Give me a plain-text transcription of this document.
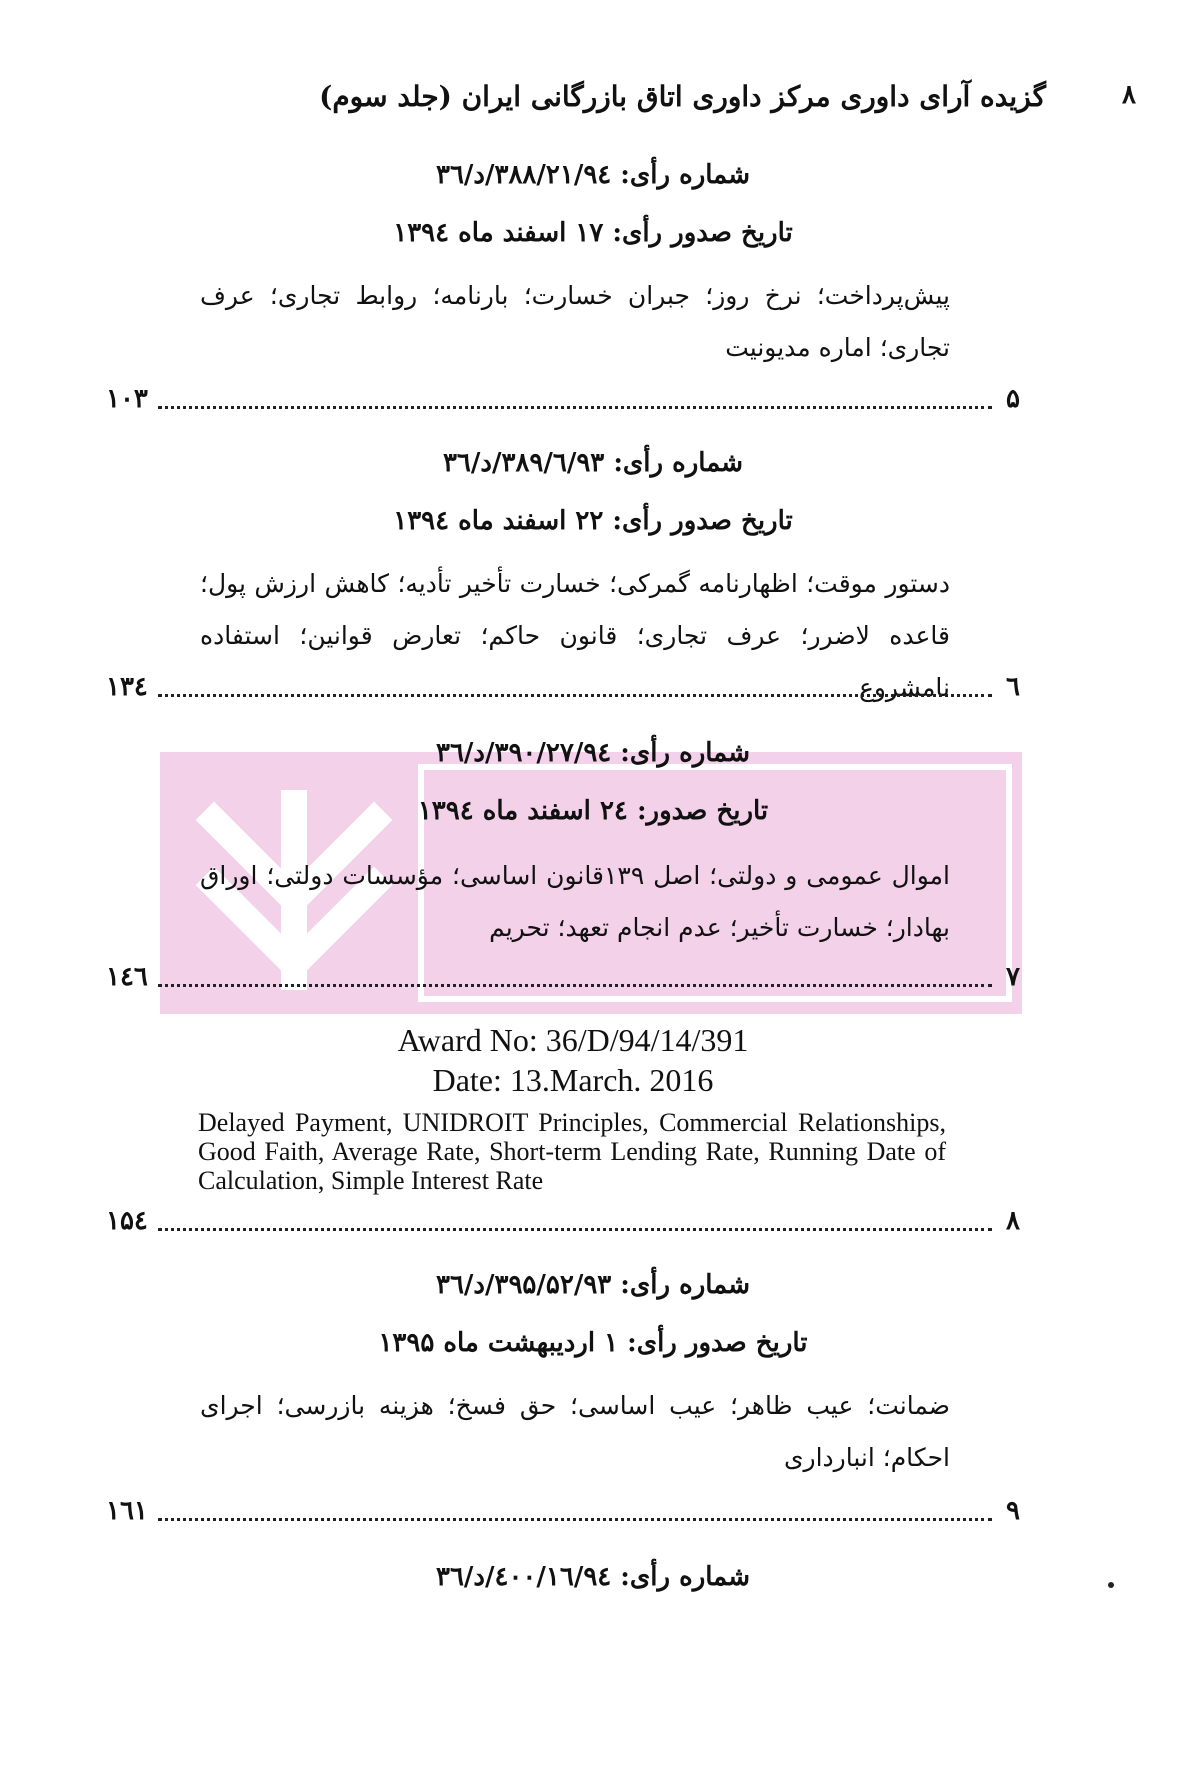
۸
گزیده آرای داوری مرکز داوری اتاق بازرگانی ایران (جلد سوم)
شماره رأی: ۳۸۸/۲۱/۹٤/د/۳٦
تاریخ صدور رأی: ۱۷ اسفند ماه ۱۳۹٤
پیش‌پرداخت؛ نرخ روز؛ جبران خسارت؛ بارنامه؛ روابط تجاری؛ عرف تجاری؛ اماره مدیونیت
۱۰۳	۵
شماره رأی: ۳۸۹/٦/۹۳/د/۳٦
تاریخ صدور رأی: ۲۲ اسفند ماه ۱۳۹٤
دستور موقت؛ اظهارنامه گمرکی؛ خسارت تأخیر تأدیه؛ کاهش ارزش پول؛ قاعده لاضرر؛ عرف تجاری؛ قانون حاکم؛ تعارض قوانین؛ استفاده نامشروع
۱۳٤	٦
شماره رأی: ۳۹۰/۲۷/۹٤/د/۳٦
تاریخ صدور: ۲٤ اسفند ماه ۱۳۹٤
اموال عمومی و دولتی؛ اصل ۱۳۹قانون اساسی؛ مؤسسات دولتی؛ اوراق بهادار؛ خسارت تأخیر؛ عدم انجام تعهد؛ تحریم
۱٤٦	۷
Award No: 36/D/94/14/391
Date: 13.March. 2016
Delayed Payment, UNIDROIT Principles, Commercial Relationships, Good Faith, Average Rate, Short-term Lending Rate, Running Date of Calculation, Simple Interest Rate
۱۵٤	۸
شماره رأی: ۳۹۵/۵۲/۹۳/د/۳٦
تاریخ صدور رأی: ۱ اردیبهشت ماه ۱۳۹۵
ضمانت؛ عیب ظاهر؛ عیب اساسی؛ حق فسخ؛ هزینه بازرسی؛ اجرای احکام؛ انبارداری
۱٦۱	۹
شماره رأی: ٤۰۰/۱٦/۹٤/د/۳٦
